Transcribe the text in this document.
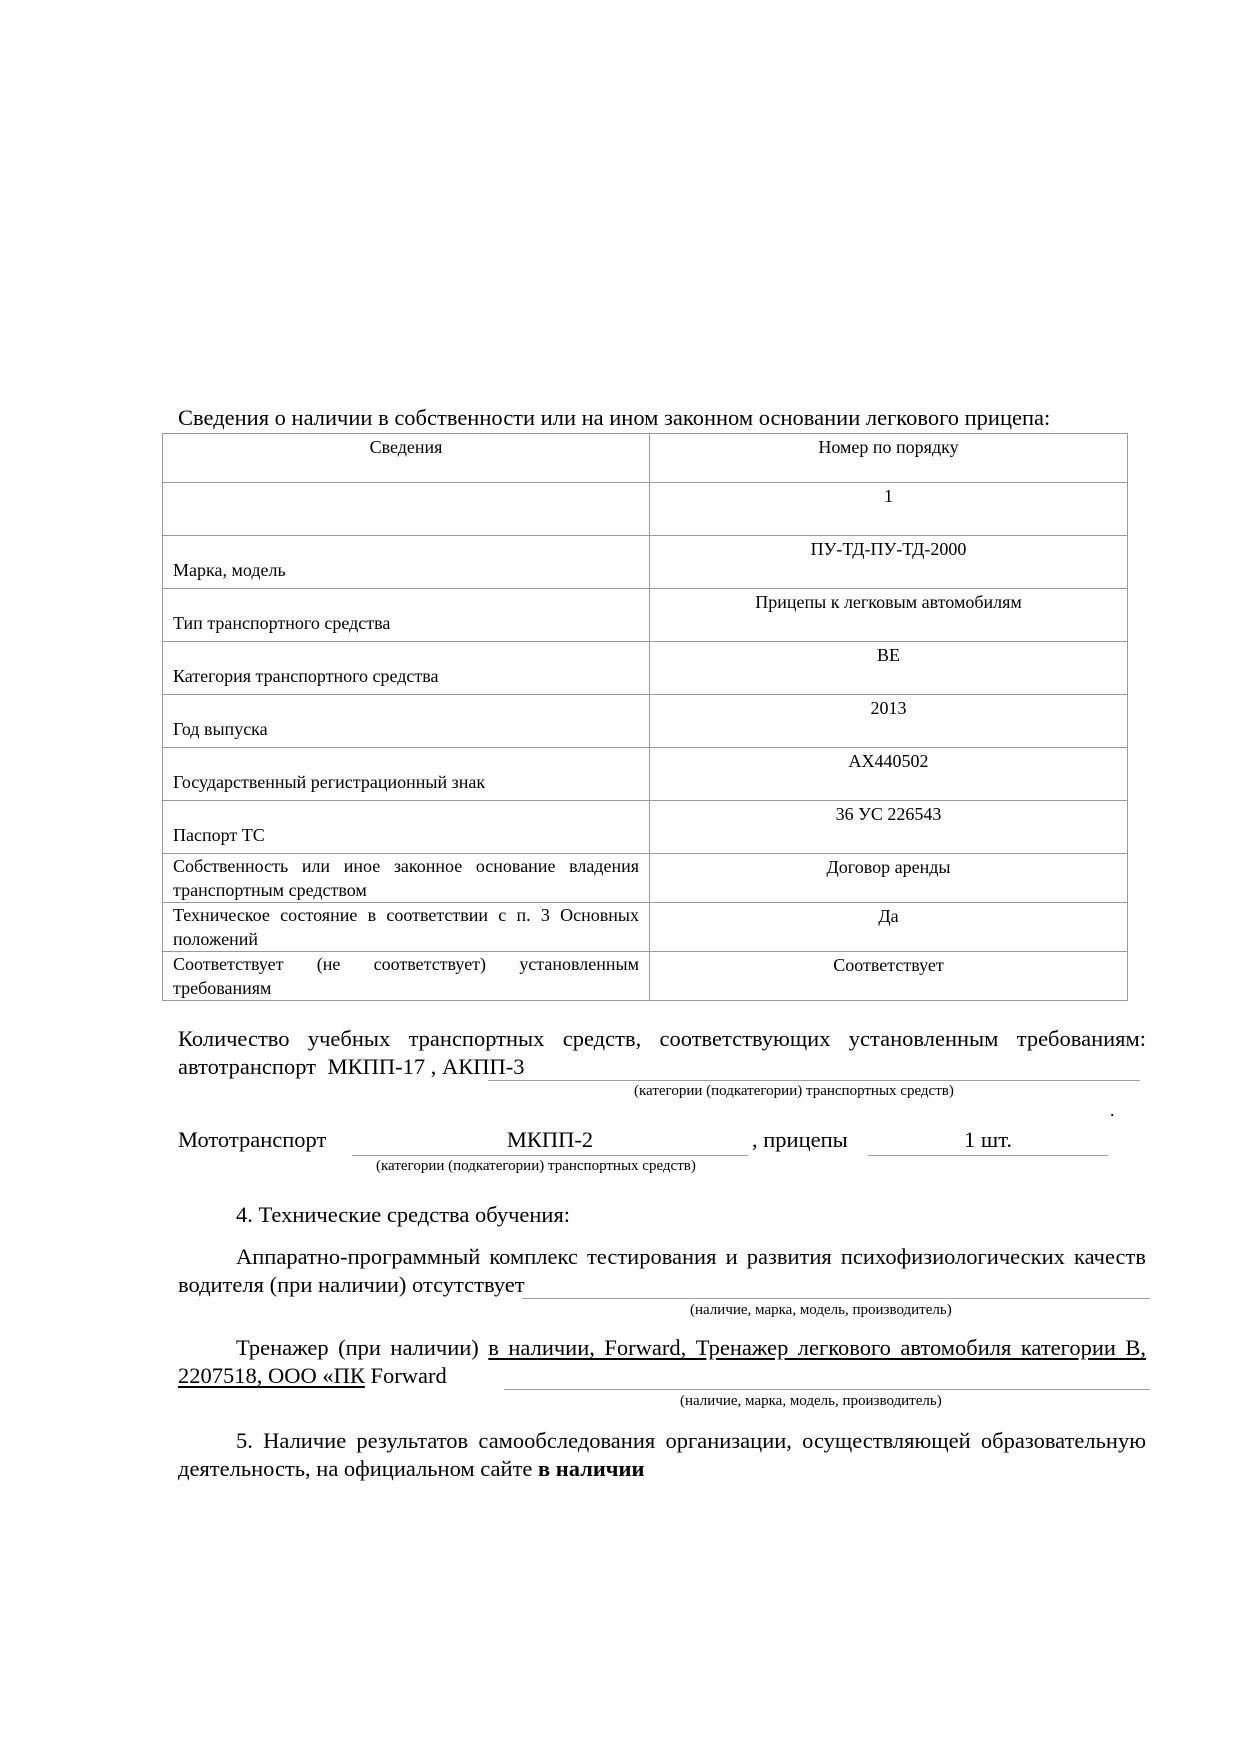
Сведения о наличии в собственности или на ином законном основании легкового прицепа:
Сведения	Номер по порядку
	1
Марка, модель	ПУ-ТД-ПУ-ТД-2000
Тип транспортного средства	Прицепы к легковым автомобилям
Категория транспортного средства	BE
Год выпуска	2013
Государственный регистрационный знак	АХ440502
Паспорт ТС	36 УС 226543
Собственность или иное законное основание владения транспортным средством	Договор аренды
Техническое состояние в соответствии с п. 3 Основных положений	Да
Соответствует (не соответствует) установленным требованиям	Соответствует
Количество учебных транспортных средств, соответствующих установленным требованиям: автотранспорт МКПП-17 , АКПП-3
(категории (подкатегории) транспортных средств)
.
Мототранспорт	МКПП-2	, прицепы	1 шт.
(категории (подкатегории) транспортных средств)
4. Технические средства обучения:
Аппаратно-программный комплекс тестирования и развития психофизиологических качеств водителя (при наличии) отсутствует
(наличие, марка, модель, производитель)
Тренажер (при наличии) в наличии, Forward, Тренажер легкового автомобиля категории В, 2207518, ООО «ПК Forward
(наличие, марка, модель, производитель)
5. Наличие результатов самообследования организации, осуществляющей образовательную деятельность, на официальном сайте в наличии
